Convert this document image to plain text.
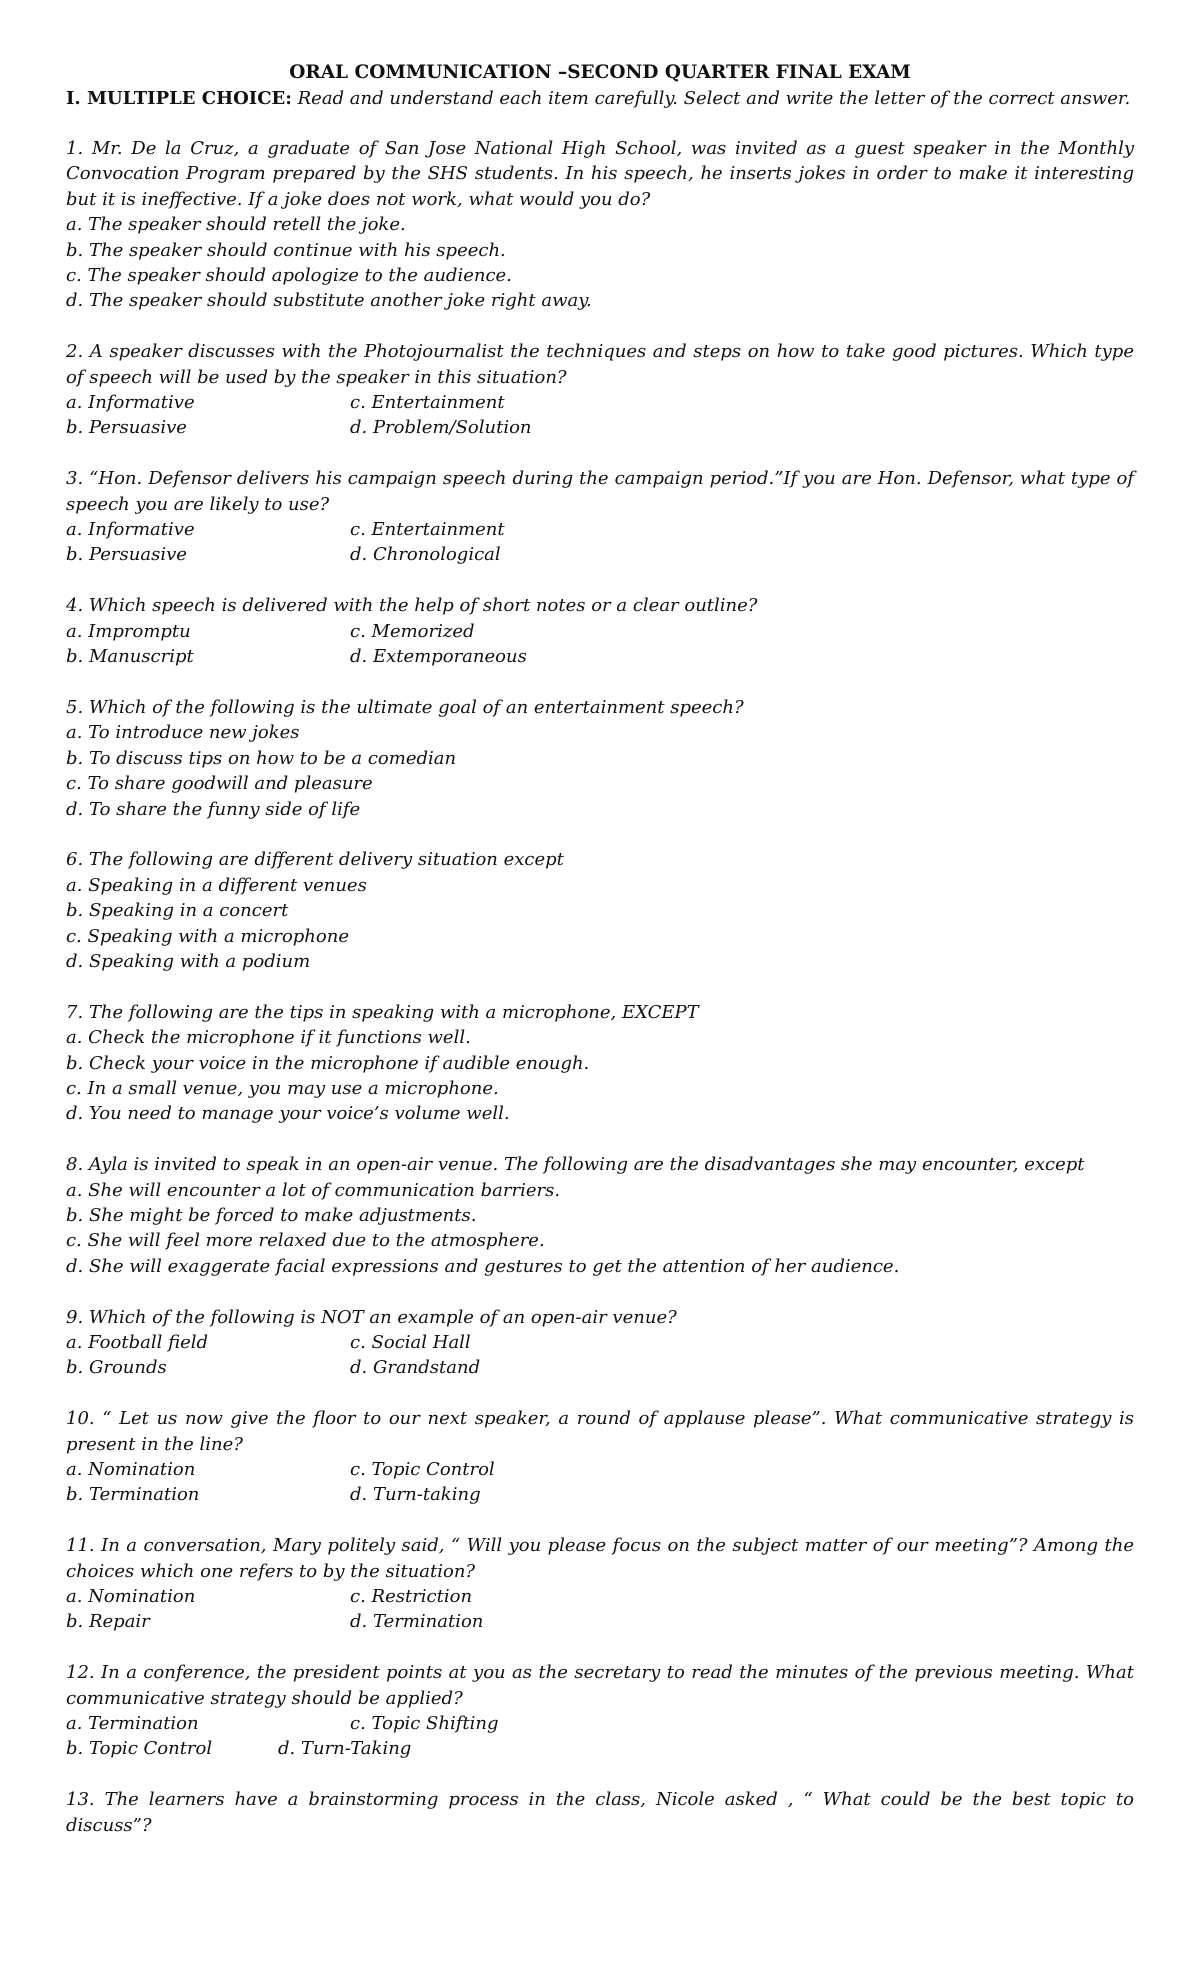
ORAL COMMUNICATION –SECOND QUARTER FINAL EXAM
I. MULTIPLE CHOICE: Read and understand each item carefully. Select and write the letter of the correct answer.
1. Mr. De la Cruz, a graduate of San Jose National High School, was invited as a guest speaker in the Monthly Convocation Program prepared by the SHS students. In his speech, he inserts jokes in order to make it interesting but it is ineffective. If a joke does not work, what would you do?
a. The speaker should retell the joke.
b. The speaker should continue with his speech.
c. The speaker should apologize to the audience.
d. The speaker should substitute another joke right away.
2. A speaker discusses with the Photojournalist the techniques and steps on how to take good pictures. Which type of speech will be used by the speaker in this situation?
a. Informative	c. Entertainment
b. Persuasive	d. Problem/Solution
3. “Hon. Defensor delivers his campaign speech during the campaign period.”If you are Hon. Defensor, what type of speech you are likely to use?
a. Informative	c. Entertainment
b. Persuasive	d. Chronological
4. Which speech is delivered with the help of short notes or a clear outline?
a. Impromptu	c. Memorized
b. Manuscript	d. Extemporaneous
5. Which of the following is the ultimate goal of an entertainment speech?
a. To introduce new jokes
b. To discuss tips on how to be a comedian
c. To share goodwill and pleasure
d. To share the funny side of life
6. The following are different delivery situation except
a. Speaking in a different venues
b. Speaking in a concert
c. Speaking with a microphone
d. Speaking with a podium
7. The following are the tips in speaking with a microphone, EXCEPT
a. Check the microphone if it functions well.
b. Check your voice in the microphone if audible enough.
c. In a small venue, you may use a microphone.
d. You need to manage your voice’s volume well.
8. Ayla is invited to speak in an open-air venue. The following are the disadvantages she may encounter, except
a. She will encounter a lot of communication barriers.
b. She might be forced to make adjustments.
c. She will feel more relaxed due to the atmosphere.
d. She will exaggerate facial expressions and gestures to get the attention of her audience.
9. Which of the following is NOT an example of an open-air venue?
a. Football field	c. Social Hall
b. Grounds	d. Grandstand
10. “ Let us now give the floor to our next speaker, a round of applause please”. What communicative strategy is present in the line?
a. Nomination	c. Topic Control
b. Termination	d. Turn-taking
11. In a conversation, Mary politely said, “ Will you please focus on the subject matter of our meeting”? Among the choices which one refers to by the situation?
a. Nomination	c. Restriction
b. Repair	d. Termination
12. In a conference, the president points at you as the secretary to read the minutes of the previous meeting. What communicative strategy should be applied?
a. Termination	c. Topic Shifting
b. Topic Control	d. Turn-Taking
13. The learners have a brainstorming process in the class, Nicole asked , “ What could be the best topic to discuss”?
